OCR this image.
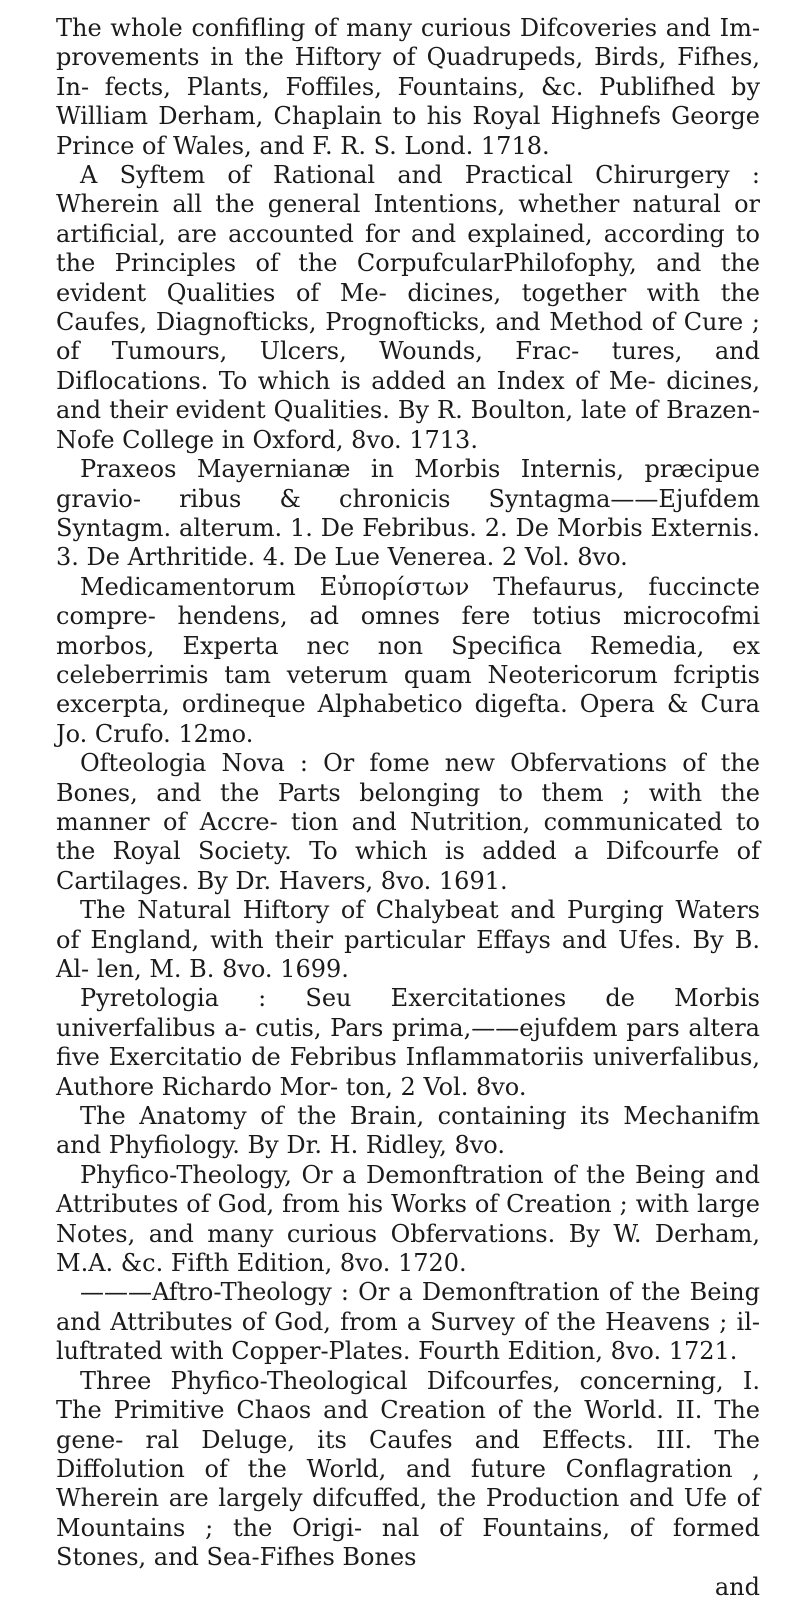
The whole confifling of many curious Difcoveries and Im- provements in the Hiftory of Quadrupeds, Birds, Fifhes, In- fects, Plants, Foffiles, Fountains, &c. Publifhed by William Derham, Chaplain to his Royal Highnefs George Prince of Wales, and F. R. S. Lond. 1718.

A Syftem of Rational and Practical Chirurgery : Wherein all the general Intentions, whether natural or artificial, are accounted for and explained, according to the Principles of the CorpufcularPhilofophy, and the evident Qualities of Me- dicines, together with the Caufes, Diagnofticks, Prognofticks, and Method of Cure ; of Tumours, Ulcers, Wounds, Frac- tures, and Diflocations. To which is added an Index of Me- dicines, and their evident Qualities. By R. Boulton, late of Brazen-Nofe College in Oxford, 8vo. 1713.

Praxeos Mayernianæ in Morbis Internis, præcipue gravio- ribus & chronicis Syntagma——Ejufdem Syntagm. alterum. 1. De Febribus. 2. De Morbis Externis. 3. De Arthritide. 4. De Lue Venerea. 2 Vol. 8vo.

Medicamentorum Εὐπορίστων Thefaurus, fuccincte compre- hendens, ad omnes fere totius microcofmi morbos, Experta nec non Specifica Remedia, ex celeberrimis tam veterum quam Neotericorum fcriptis excerpta, ordineque Alphabetico digefta. Opera & Cura Jo. Crufo. 12mo.

Ofteologia Nova : Or fome new Obfervations of the Bones, and the Parts belonging to them ; with the manner of Accre- tion and Nutrition, communicated to the Royal Society. To which is added a Difcourfe of Cartilages. By Dr. Havers, 8vo. 1691.

The Natural Hiftory of Chalybeat and Purging Waters of England, with their particular Effays and Ufes. By B. Al- len, M. B. 8vo. 1699.

Pyretologia : Seu Exercitationes de Morbis univerfalibus a- cutis, Pars prima,——ejufdem pars altera five Exercitatio de Febribus Inflammatoriis univerfalibus, Authore Richardo Mor- ton, 2 Vol. 8vo.

The Anatomy of the Brain, containing its Mechanifm and Phyfiology. By Dr. H. Ridley, 8vo.

Phyfico-Theology, Or a Demonftration of the Being and Attributes of God, from his Works of Creation ; with large Notes, and many curious Obfervations. By W. Derham, M.A. &c. Fifth Edition, 8vo. 1720.

———Aftro-Theology : Or a Demonftration of the Being and Attributes of God, from a Survey of the Heavens ; il- luftrated with Copper-Plates. Fourth Edition, 8vo. 1721.

Three Phyfico-Theological Difcourfes, concerning, I. The Primitive Chaos and Creation of the World. II. The gene- ral Deluge, its Caufes and Effects. III. The Diffolution of the World, and future Conflagration , Wherein are largely difcuffed, the Production and Ufe of Mountains ; the Origi- nal of Fountains, of formed Stones, and Sea-Fifhes Bones

and
